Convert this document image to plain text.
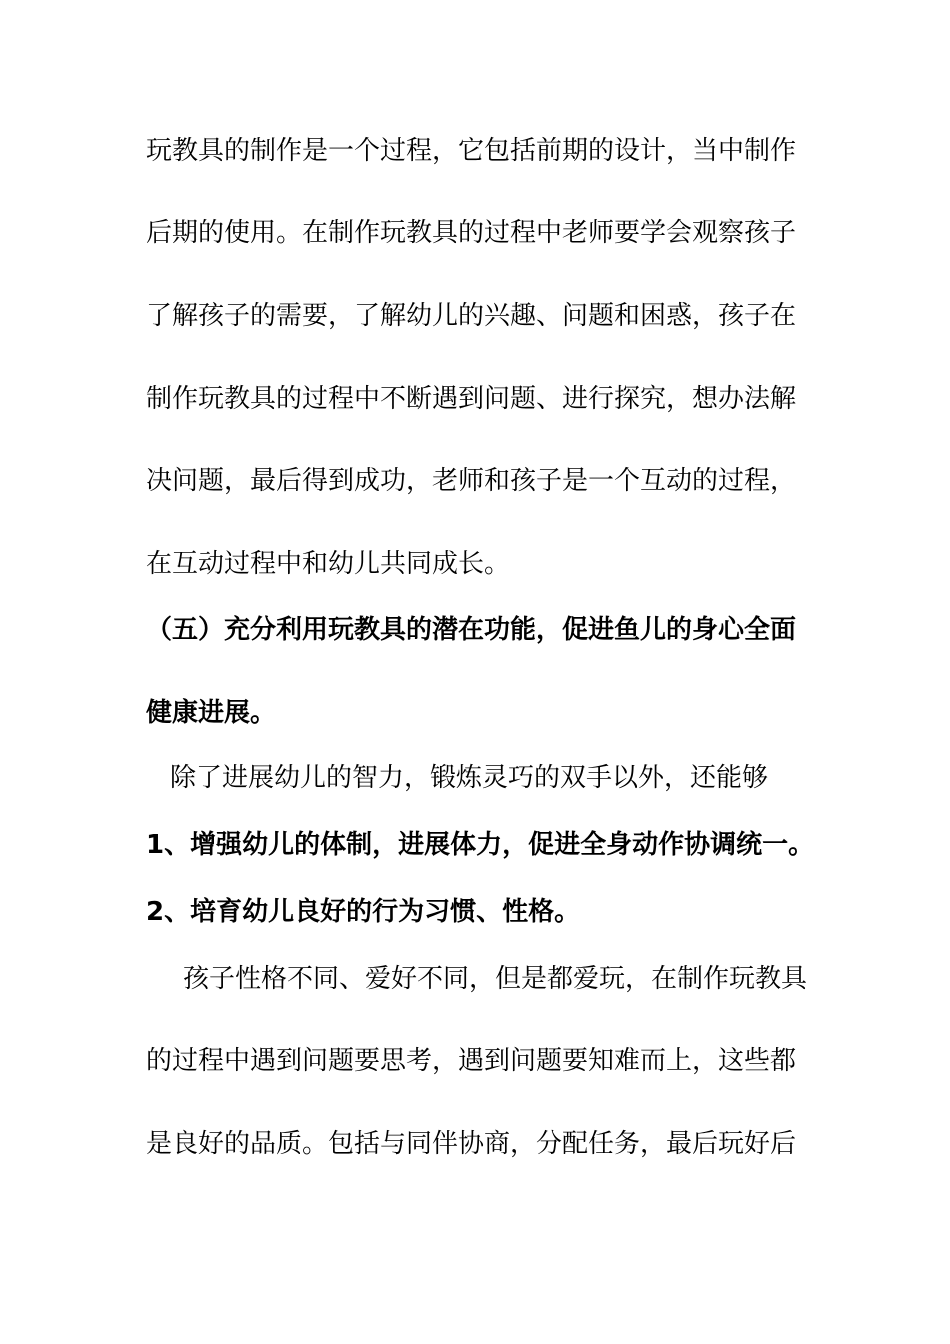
玩教具的制作是一个过程，它包括前期的设计，当中制作
后期的使用。在制作玩教具的过程中老师要学会观察孩子
了解孩子的需要，了解幼儿的兴趣、问题和困惑，孩子在
制作玩教具的过程中不断遇到问题、进行探究，想办法解
决问题，最后得到成功，老师和孩子是一个互动的过程，
在互动过程中和幼儿共同成长。
（五）充分利用玩教具的潜在功能，促进鱼儿的身心全面
健康进展。
除了进展幼儿的智力，锻炼灵巧的双手以外，还能够
1、增强幼儿的体制，进展体力，促进全身动作协调统一。
2、培育幼儿良好的行为习惯、性格。
孩子性格不同、爱好不同，但是都爱玩，在制作玩教具
的过程中遇到问题要思考，遇到问题要知难而上，这些都
是良好的品质。包括与同伴协商，分配任务，最后玩好后
